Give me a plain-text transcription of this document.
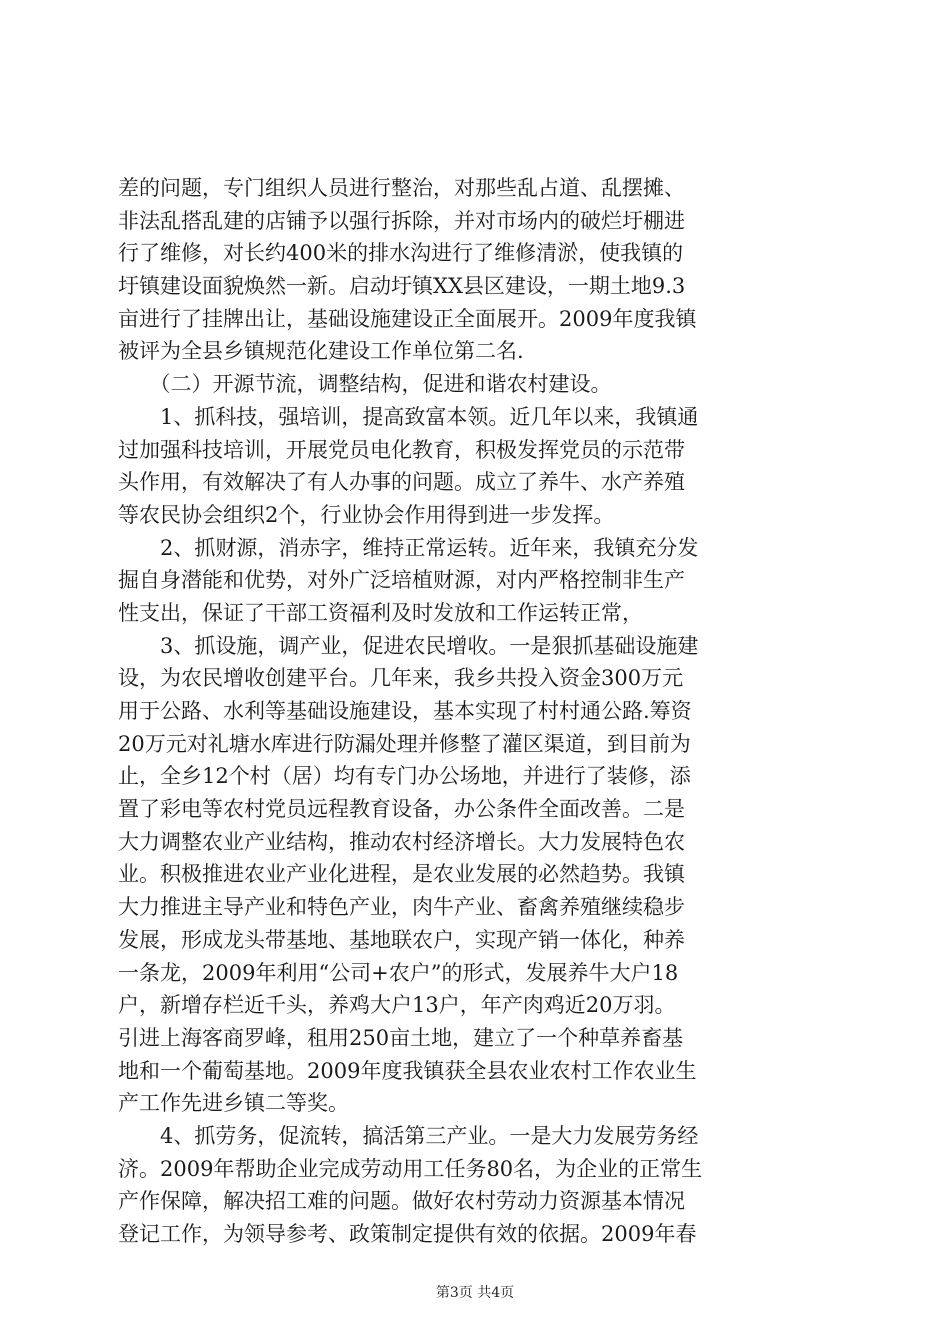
差的问题，专门组织人员进行整治，对那些乱占道、乱摆摊、
非法乱搭乱建的店铺予以强行拆除，并对市场内的破烂圩棚进
行了维修，对长约400米的排水沟进行了维修清淤，使我镇的
圩镇建设面貌焕然一新。启动圩镇XX县区建设，一期土地9.3
亩进行了挂牌出让，基础设施建设正全面展开。2009年度我镇
被评为全县乡镇规范化建设工作单位第二名.
　　（二）开源节流，调整结构，促进和谐农村建设。
　　1、抓科技，强培训，提高致富本领。近几年以来，我镇通
过加强科技培训，开展党员电化教育，积极发挥党员的示范带
头作用，有效解决了有人办事的问题。成立了养牛、水产养殖
等农民协会组织2个，行业协会作用得到进一步发挥。
　　2、抓财源，消赤字，维持正常运转。近年来，我镇充分发
掘自身潜能和优势，对外广泛培植财源，对内严格控制非生产
性支出，保证了干部工资福利及时发放和工作运转正常，
　　3、抓设施，调产业，促进农民增收。一是狠抓基础设施建
设，为农民增收创建平台。几年来，我乡共投入资金300万元
用于公路、水利等基础设施建设，基本实现了村村通公路.筹资
20万元对礼塘水库进行防漏处理并修整了灌区渠道，到目前为
止，全乡12个村（居）均有专门办公场地，并进行了装修，添
置了彩电等农村党员远程教育设备，办公条件全面改善。二是
大力调整农业产业结构，推动农村经济增长。大力发展特色农
业。积极推进农业产业化进程，是农业发展的必然趋势。我镇
大力推进主导产业和特色产业，肉牛产业、畜禽养殖继续稳步
发展，形成龙头带基地、基地联农户，实现产销一体化，种养
一条龙，2009年利用“公司+农户”的形式，发展养牛大户18
户，新增存栏近千头，养鸡大户13户，年产肉鸡近20万羽。
引进上海客商罗峰，租用250亩土地，建立了一个种草养畜基
地和一个葡萄基地。2009年度我镇获全县农业农村工作农业生
产工作先进乡镇二等奖。
　　4、抓劳务，促流转，搞活第三产业。一是大力发展劳务经
济。2009年帮助企业完成劳动用工任务80名，为企业的正常生
产作保障，解决招工难的问题。做好农村劳动力资源基本情况
登记工作，为领导参考、政策制定提供有效的依据。2009年春
第3页 共4页
